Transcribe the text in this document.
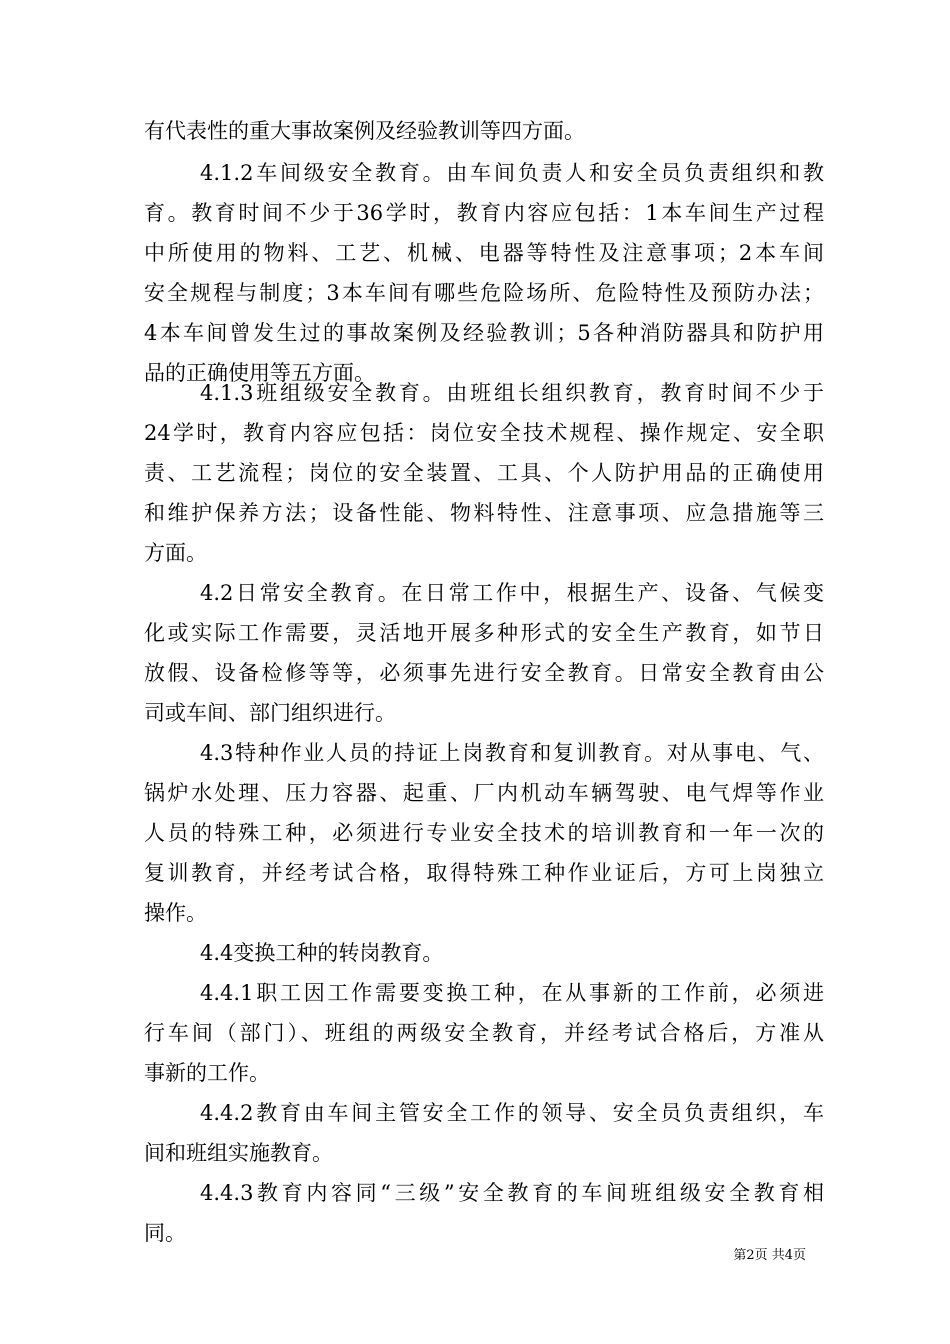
有代表性的重大事故案例及经验教训等四方面。
4.1.2车间级安全教育。由车间负责人和安全员负责组织和教
育。教育时间不少于36学时，教育内容应包括：1本车间生产过程
中所使用的物料、工艺、机械、电器等特性及注意事项；2本车间
安全规程与制度；3本车间有哪些危险场所、危险特性及预防办法；
4本车间曾发生过的事故案例及经验教训；5各种消防器具和防护用
品的正确使用等五方面。
4.1.3班组级安全教育。由班组长组织教育，教育时间不少于
24学时，教育内容应包括：岗位安全技术规程、操作规定、安全职
责、工艺流程；岗位的安全装置、工具、个人防护用品的正确使用
和维护保养方法；设备性能、物料特性、注意事项、应急措施等三
方面。
4.2日常安全教育。在日常工作中，根据生产、设备、气候变
化或实际工作需要，灵活地开展多种形式的安全生产教育，如节日
放假、设备检修等等，必须事先进行安全教育。日常安全教育由公
司或车间、部门组织进行。
4.3特种作业人员的持证上岗教育和复训教育。对从事电、气、
锅炉水处理、压力容器、起重、厂内机动车辆驾驶、电气焊等作业
人员的特殊工种，必须进行专业安全技术的培训教育和一年一次的
复训教育，并经考试合格，取得特殊工种作业证后，方可上岗独立
操作。
4.4变换工种的转岗教育。
4.4.1职工因工作需要变换工种，在从事新的工作前，必须进
行车间（部门）、班组的两级安全教育，并经考试合格后，方准从
事新的工作。
4.4.2教育由车间主管安全工作的领导、安全员负责组织，车
间和班组实施教育。
4.4.3教育内容同“三级”安全教育的车间班组级安全教育相
同。
第2页 共4页
